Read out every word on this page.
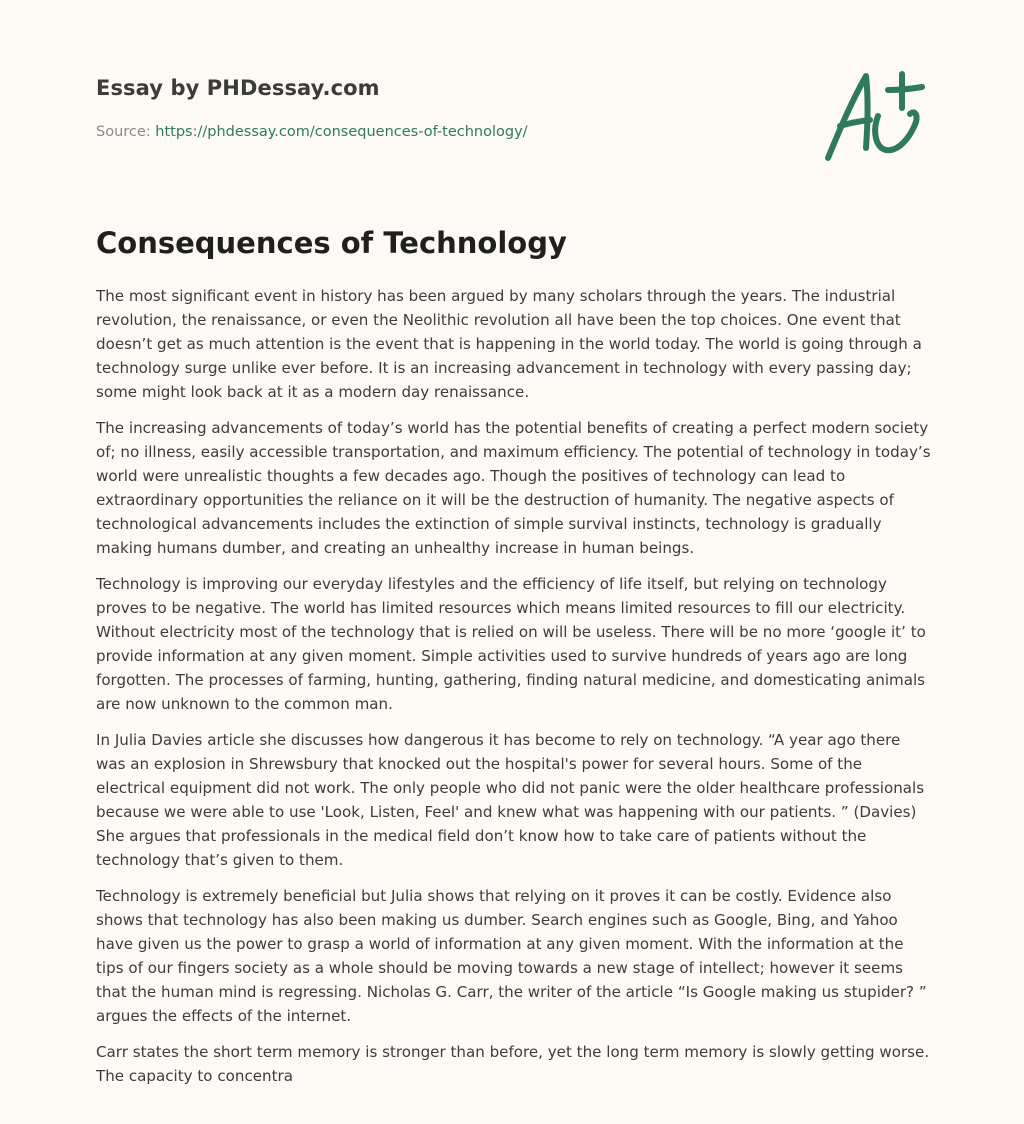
Essay by PHDessay.com
Source: https://phdessay.com/consequences-of-technology/
Consequences of Technology

The most significant event in history has been argued by many scholars through the years. The industrial revolution, the renaissance, or even the Neolithic revolution all have been the top choices. One event that doesn’t get as much attention is the event that is happening in the world today. The world is going through a technology surge unlike ever before. It is an increasing advancement in technology with every passing day; some might look back at it as a modern day renaissance.

The increasing advancements of today’s world has the potential benefits of creating a perfect modern society of; no illness, easily accessible transportation, and maximum efficiency. The potential of technology in today’s world were unrealistic thoughts a few decades ago. Though the positives of technology can lead to extraordinary opportunities the reliance on it will be the destruction of humanity. The negative aspects of technological advancements includes the extinction of simple survival instincts, technology is gradually making humans dumber, and creating an unhealthy increase in human beings.

Technology is improving our everyday lifestyles and the efficiency of life itself, but relying on technology proves to be negative. The world has limited resources which means limited resources to fill our electricity. Without electricity most of the technology that is relied on will be useless. There will be no more ‘google it’ to provide information at any given moment. Simple activities used to survive hundreds of years ago are long forgotten. The processes of farming, hunting, gathering, finding natural medicine, and domesticating animals are now unknown to the common man.

In Julia Davies article she discusses how dangerous it has become to rely on technology. “A year ago there was an explosion in Shrewsbury that knocked out the hospital's power for several hours. Some of the electrical equipment did not work. The only people who did not panic were the older healthcare professionals because we were able to use 'Look, Listen, Feel' and knew what was happening with our patients. ” (Davies) She argues that professionals in the medical field don’t know how to take care of patients without the technology that’s given to them.

Technology is extremely beneficial but Julia shows that relying on it proves it can be costly. Evidence also shows that technology has also been making us dumber. Search engines such as Google, Bing, and Yahoo have given us the power to grasp a world of information at any given moment. With the information at the tips of our fingers society as a whole should be moving towards a new stage of intellect; however it seems that the human mind is regressing. Nicholas G. Carr, the writer of the article “Is Google making us stupider? ” argues the effects of the internet.

Carr states the short term memory is stronger than before, yet the long term memory is slowly getting worse. The capacity to concentra
